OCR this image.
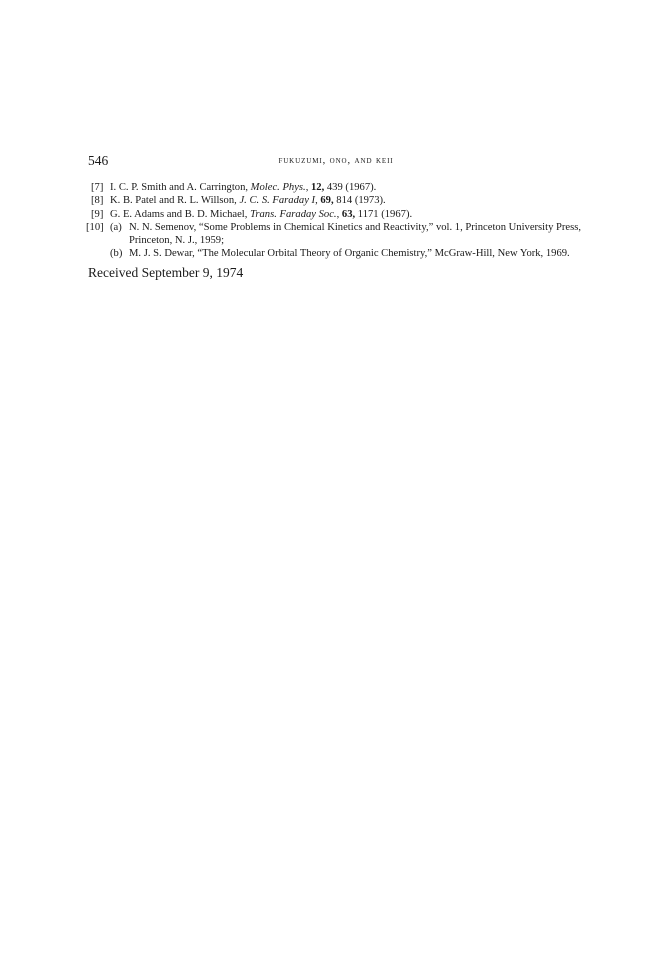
546	fukuzumi, ono, and keii
[7] I. C. P. Smith and A. Carrington, Molec. Phys., 12, 439 (1967).
[8] K. B. Patel and R. L. Willson, J. C. S. Faraday I, 69, 814 (1973).
[9] G. E. Adams and B. D. Michael, Trans. Faraday Soc., 63, 1171 (1967).
[10] (a) N. N. Semenov, “Some Problems in Chemical Kinetics and Reactivity,” vol. 1, Princeton University Press, Princeton, N. J., 1959;
(b) M. J. S. Dewar, “The Molecular Orbital Theory of Organic Chemistry,” McGraw-Hill, New York, 1969.
Received September 9, 1974
